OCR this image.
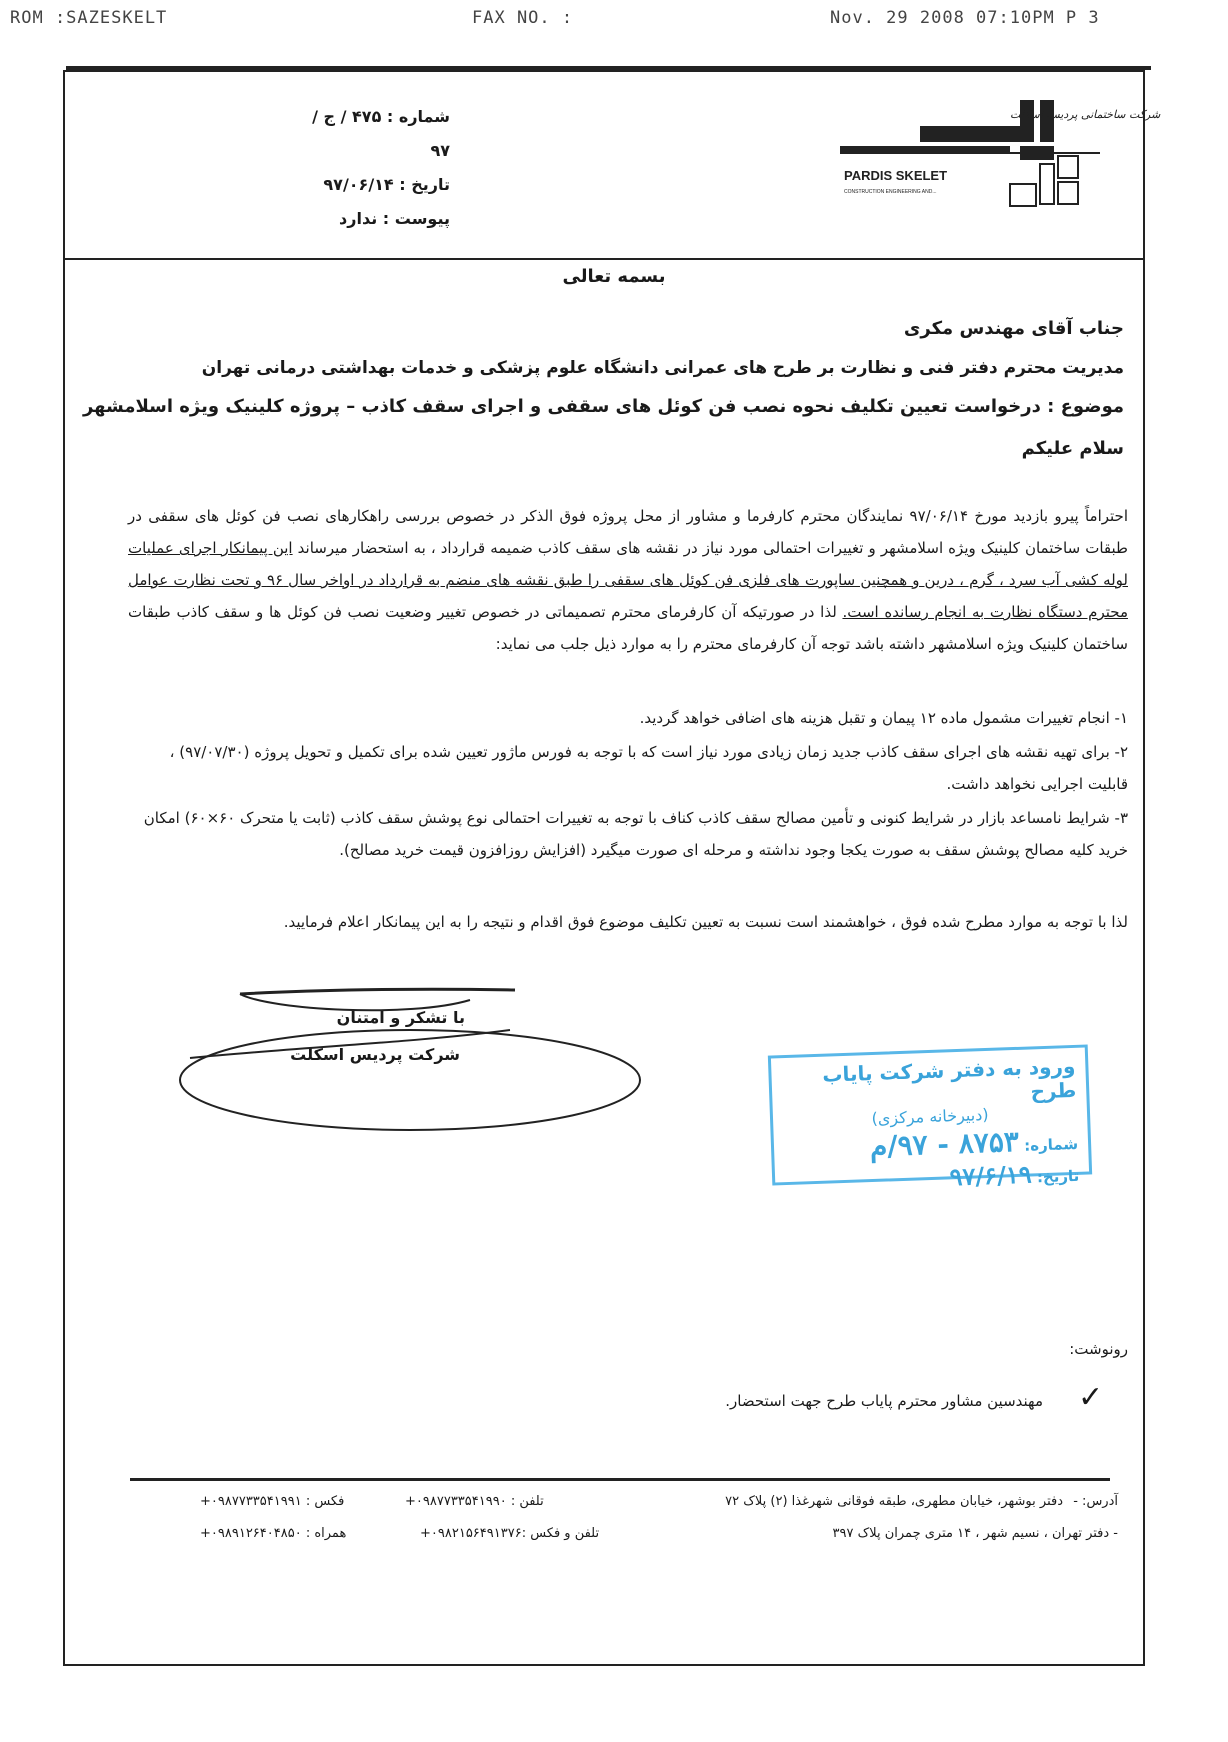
ROM :SAZESKELT	FAX NO. :	Nov. 29 2008 07:10PM P 3
شماره : ۴۷۵ / ج / ۹۷
تاریخ : ۹۷/۰۶/۱۴
پیوست : ندارد
PARDIS SKELET
CONSTRUCTION ENGINEERING AND...
شرکت ساختمانی پردیس اسکلت
بسمه تعالی
جناب آقای مهندس مکری
مدیریت محترم دفتر فنی و نظارت بر طرح های عمرانی دانشگاه علوم پزشکی و خدمات بهداشتی درمانی تهران
موضوع : درخواست تعیین تکلیف نحوه نصب فن کوئل های سقفی و اجرای سقف کاذب – پروژه کلینیک ویژه اسلامشهر
سلام علیکم
احتراماً پیرو بازدید مورخ ۹۷/۰۶/۱۴ نمایندگان محترم کارفرما و مشاور از محل پروژه فوق الذکر در خصوص بررسی راهکارهای نصب فن کوئل های سقفی در طبقات ساختمان کلینیک ویژه اسلامشهر و تغییرات احتمالی مورد نیاز در نقشه های سقف کاذب ضمیمه قرارداد ، به استحضار میرساند این پیمانکار اجرای عملیات لوله کشی آب سرد ، گرم ، درین و همچنین ساپورت های فلزی فن کوئل های سقفی را طبق نقشه های منضم به قرارداد در اواخر سال ۹۶ و تحت نظارت عوامل محترم دستگاه نظارت به انجام رسانده است. لذا در صورتیکه آن کارفرمای محترم تصمیماتی در خصوص تغییر وضعیت نصب فن کوئل ها و سقف کاذب طبقات ساختمان کلینیک ویژه اسلامشهر داشته باشد توجه آن کارفرمای محترم را به موارد ذیل جلب می نماید:
۱- انجام تغییرات مشمول ماده ۱۲ پیمان و تقبل هزینه های اضافی خواهد گردید.
۲- برای تهیه نقشه های اجرای سقف کاذب جدید زمان زیادی مورد نیاز است که با توجه به فورس ماژور تعیین شده برای تکمیل و تحویل پروژه (۹۷/۰۷/۳۰) ، قابلیت اجرایی نخواهد داشت.
۳- شرایط نامساعد بازار در شرایط کنونی و تأمین مصالح سقف کاذب کناف با توجه به تغییرات احتمالی نوع پوشش سقف کاذب (ثابت یا متحرک ۶۰×۶۰) امکان خرید کلیه مصالح پوشش سقف به صورت یکجا وجود نداشته و مرحله ای صورت میگیرد (افزایش روزافزون قیمت خرید مصالح).
لذا با توجه به موارد مطرح شده فوق ، خواهشمند است نسبت به تعیین تکلیف موضوع فوق اقدام و نتیجه را به این پیمانکار اعلام فرمایید.
با تشکر و امتنان
شرکت پردیس اسکلت	ورود به دفتر شرکت پایاب طرح
(دبیرخانه مرکزی)
شماره: ۸۷۵۳ - ۹۷/م
تاریخ: ۹۷/۶/۱۹
رونوشت:
مهندسین مشاور محترم پایاب طرح جهت استحضار. ✓
آدرس: -
دفتر بوشهر، خیابان مطهری، طبقه فوقانی شهرغذا (۲) پلاک ۷۲
تلفن : ۰۹۸۷۷۳۳۵۴۱۹۹۰+
فکس : ۰۹۸۷۷۳۳۵۴۱۹۹۱+
- دفتر تهران ، نسیم شهر ، ۱۴ متری چمران پلاک ۳۹۷
تلفن و فکس :۰۹۸۲۱۵۶۴۹۱۳۷۶+
همراه : ۰۹۸۹۱۲۶۴۰۴۸۵۰+
